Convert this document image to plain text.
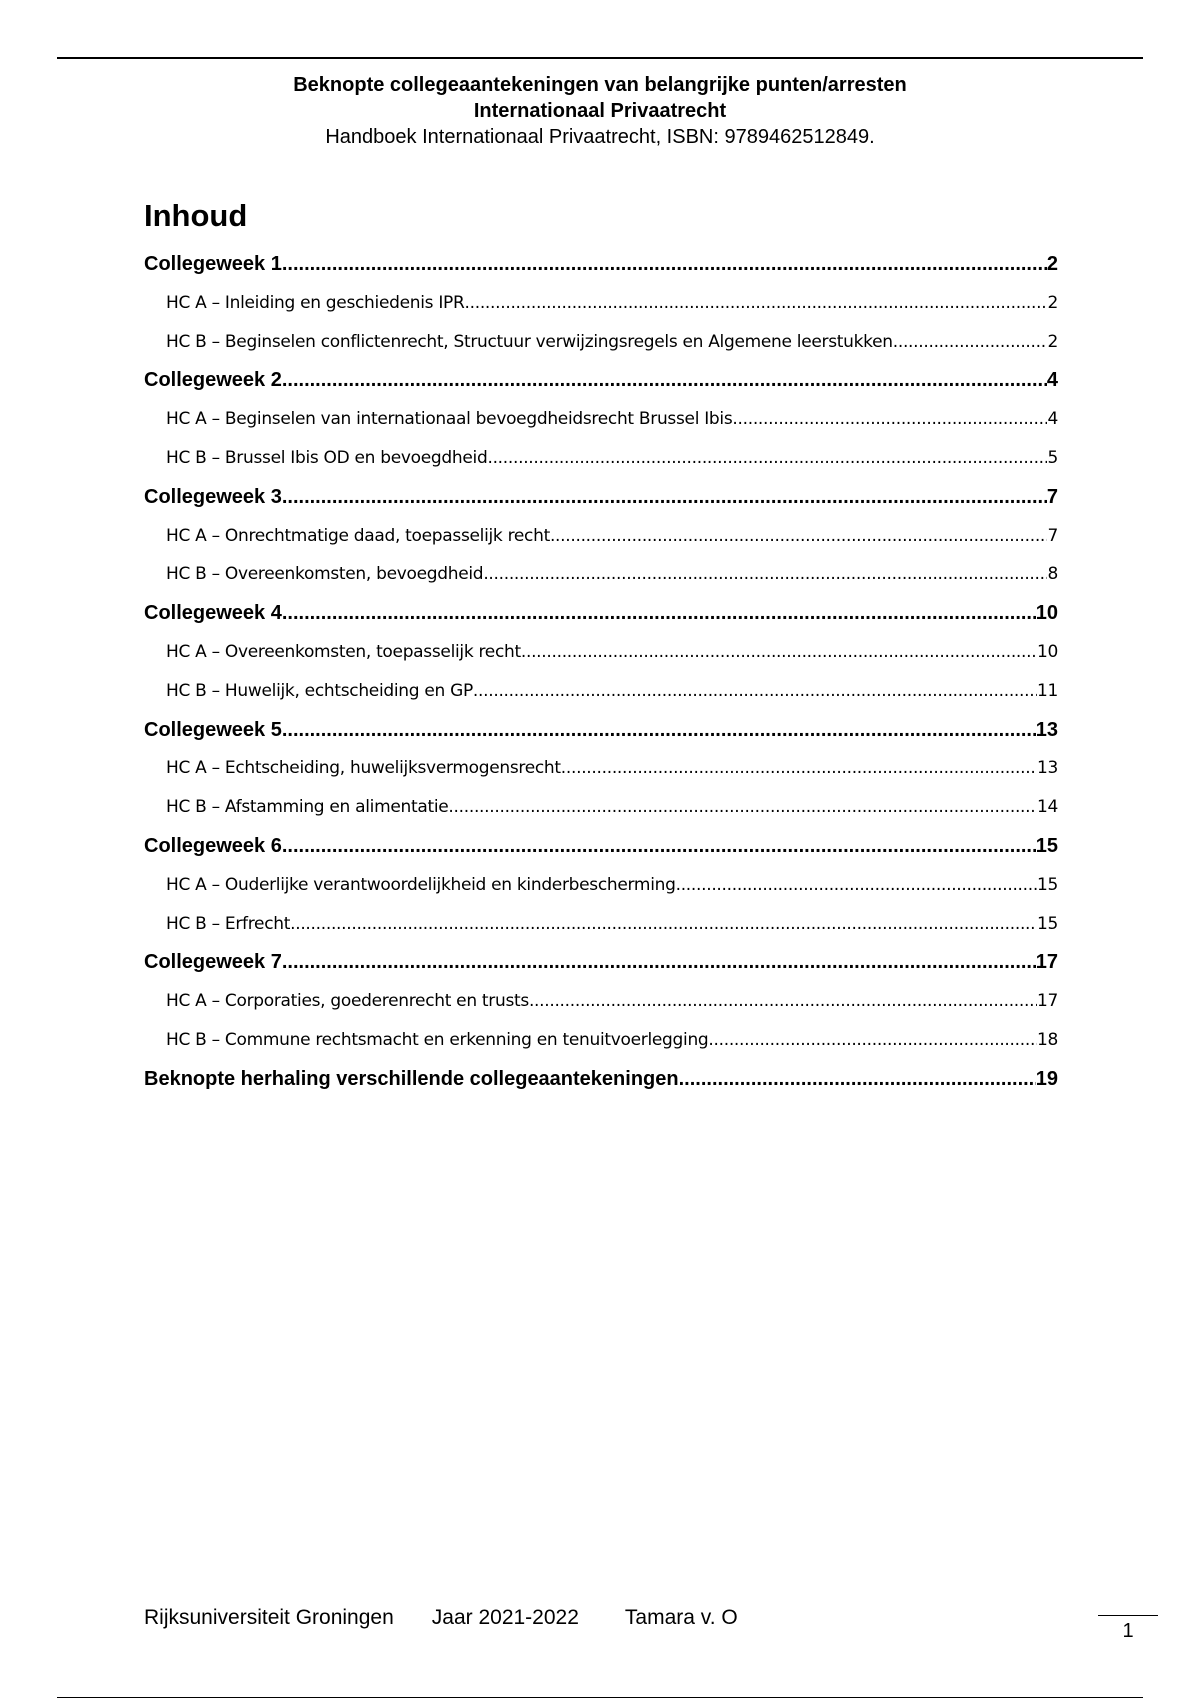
Beknopte collegeaantekeningen van belangrijke punten/arresten
Internationaal Privaatrecht
Handboek Internationaal Privaatrecht, ISBN: 9789462512849.
Inhoud
Collegeweek 1 .....	2
HC A – Inleiding en geschiedenis IPR .....	2
HC B – Beginselen conflictenrecht, Structuur verwijzingsregels en Algemene leerstukken .....	2
Collegeweek 2 .....	4
HC A – Beginselen van internationaal bevoegdheidsrecht Brussel Ibis .....	4
HC B – Brussel Ibis OD en bevoegdheid .....	5
Collegeweek 3 .....	7
HC A – Onrechtmatige daad, toepasselijk recht .....	7
HC B – Overeenkomsten, bevoegdheid .....	8
Collegeweek 4 .....	10
HC A – Overeenkomsten, toepasselijk recht .....	10
HC B – Huwelijk, echtscheiding en GP .....	11
Collegeweek 5 .....	13
HC A – Echtscheiding, huwelijksvermogensrecht .....	13
HC B – Afstamming en alimentatie .....	14
Collegeweek 6 .....	15
HC A – Ouderlijke verantwoordelijkheid en kinderbescherming .....	15
HC B – Erfrecht .....	15
Collegeweek 7 .....	17
HC A – Corporaties, goederenrecht en trusts .....	17
HC B – Commune rechtsmacht en erkenning en tenuitvoerlegging .....	18
Beknopte herhaling verschillende collegeaantekeningen .....	19
Rijksuniversiteit Groningen Jaar 2021-2022 Tamara v. O
1
